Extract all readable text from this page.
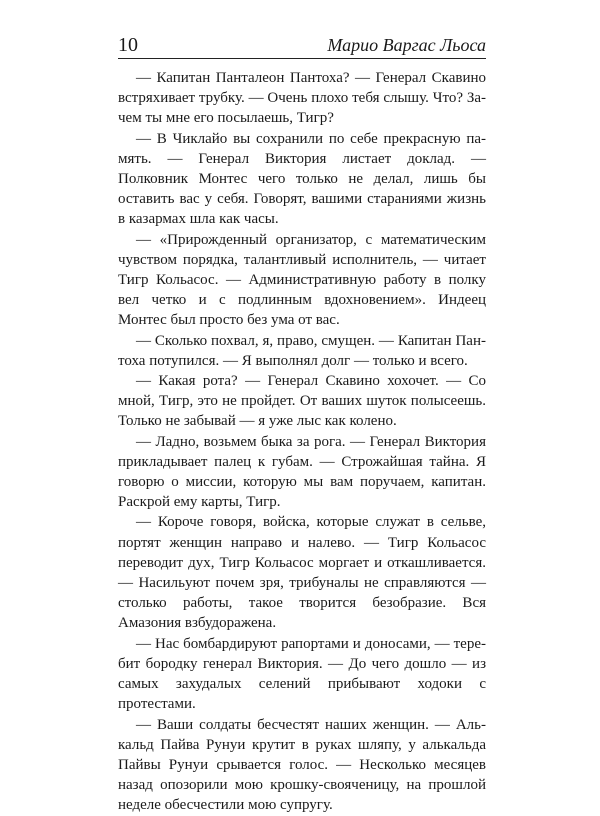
10	Марио Варгас Льоса

— Капитан Панталеон Пантоха? — Генерал Скавино встряхивает трубку. — Очень плохо тебя слышу. Что? Зачем ты мне его посылаешь, Тигр?

— В Чиклайо вы сохранили по себе прекрасную память. — Генерал Виктория листает доклад. — Полковник Монтес чего только не делал, лишь бы оставить вас у себя. Говорят, вашими стараниями жизнь в казармах шла как часы.

— «Прирожденный организатор, с математическим чувством порядка, талантливый исполнитель, — читает Тигр Кольасос. — Административную работу в полку вел четко и с подлинным вдохновением». Индеец Монтес был просто без ума от вас.

— Сколько похвал, я, право, смущен. — Капитан Пантоха потупился. — Я выполнял долг — только и всего.

— Какая рота? — Генерал Скавино хохочет. — Со мной, Тигр, это не пройдет. От ваших шуток полысеешь. Только не забывай — я уже лыс как колено.

— Ладно, возьмем быка за рога. — Генерал Виктория прикладывает палец к губам. — Строжайшая тайна. Я говорю о миссии, которую мы вам поручаем, капитан. Раскрой ему карты, Тигр.

— Короче говоря, войска, которые служат в сельве, портят женщин направо и налево. — Тигр Кольасос переводит дух, Тигр Кольасос моргает и откашливается. — Насильуют почем зря, трибуналы не справляются — столько работы, такое творится безобразие. Вся Амазония взбудоражена.

— Нас бомбардируют рапортами и доносами, — теребит бородку генерал Виктория. — До чего дошло — из самых захудалых селений прибывают ходоки с протестами.

— Ваши солдаты бесчестят наших женщин. — Алькальд Пайва Рунуи крутит в руках шляпу, у алькальда Пайвы Рунуи срывается голос. — Несколько месяцев назад опозорили мою крошку-свояченицу, на прошлой неделе обесчестили мою супругу.
